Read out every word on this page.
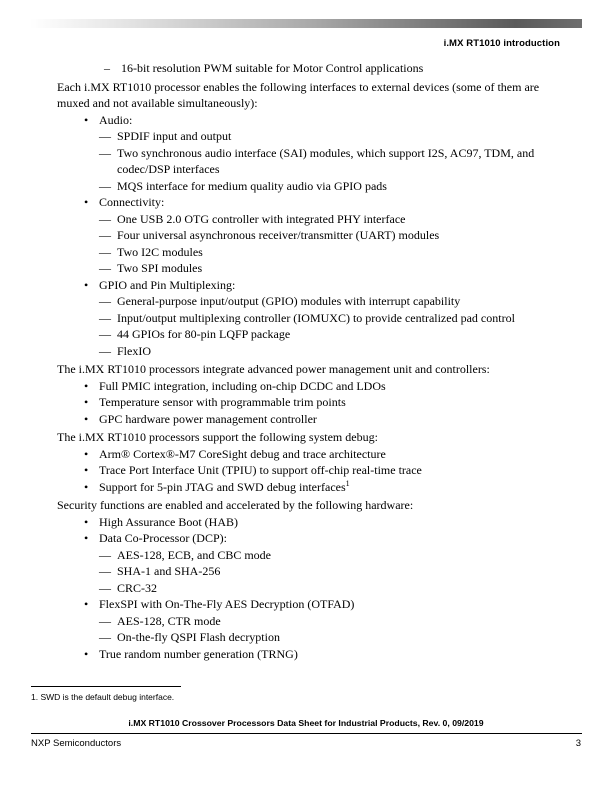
i.MX RT1010 introduction
– 16-bit resolution PWM suitable for Motor Control applications
Each i.MX RT1010 processor enables the following interfaces to external devices (some of them are muxed and not available simultaneously):
• Audio:
— SPDIF input and output
— Two synchronous audio interface (SAI) modules, which support I2S, AC97, TDM, and codec/DSP interfaces
— MQS interface for medium quality audio via GPIO pads
• Connectivity:
— One USB 2.0 OTG controller with integrated PHY interface
— Four universal asynchronous receiver/transmitter (UART) modules
— Two I2C modules
— Two SPI modules
• GPIO and Pin Multiplexing:
— General-purpose input/output (GPIO) modules with interrupt capability
— Input/output multiplexing controller (IOMUXC) to provide centralized pad control
— 44 GPIOs for 80-pin LQFP package
— FlexIO
The i.MX RT1010 processors integrate advanced power management unit and controllers:
• Full PMIC integration, including on-chip DCDC and LDOs
• Temperature sensor with programmable trim points
• GPC hardware power management controller
The i.MX RT1010 processors support the following system debug:
• Arm® Cortex®-M7 CoreSight debug and trace architecture
• Trace Port Interface Unit (TPIU) to support off-chip real-time trace
• Support for 5-pin JTAG and SWD debug interfaces$^1$
Security functions are enabled and accelerated by the following hardware:
• High Assurance Boot (HAB)
• Data Co-Processor (DCP):
— AES-128, ECB, and CBC mode
— SHA-1 and SHA-256
— CRC-32
• FlexSPI with On-The-Fly AES Decryption (OTFAD)
— AES-128, CTR mode
— On-the-fly QSPI Flash decryption
• True random number generation (TRNG)
1. SWD is the default debug interface.
i.MX RT1010 Crossover Processors Data Sheet for Industrial Products, Rev. 0, 09/2019
NXP Semiconductors	3
